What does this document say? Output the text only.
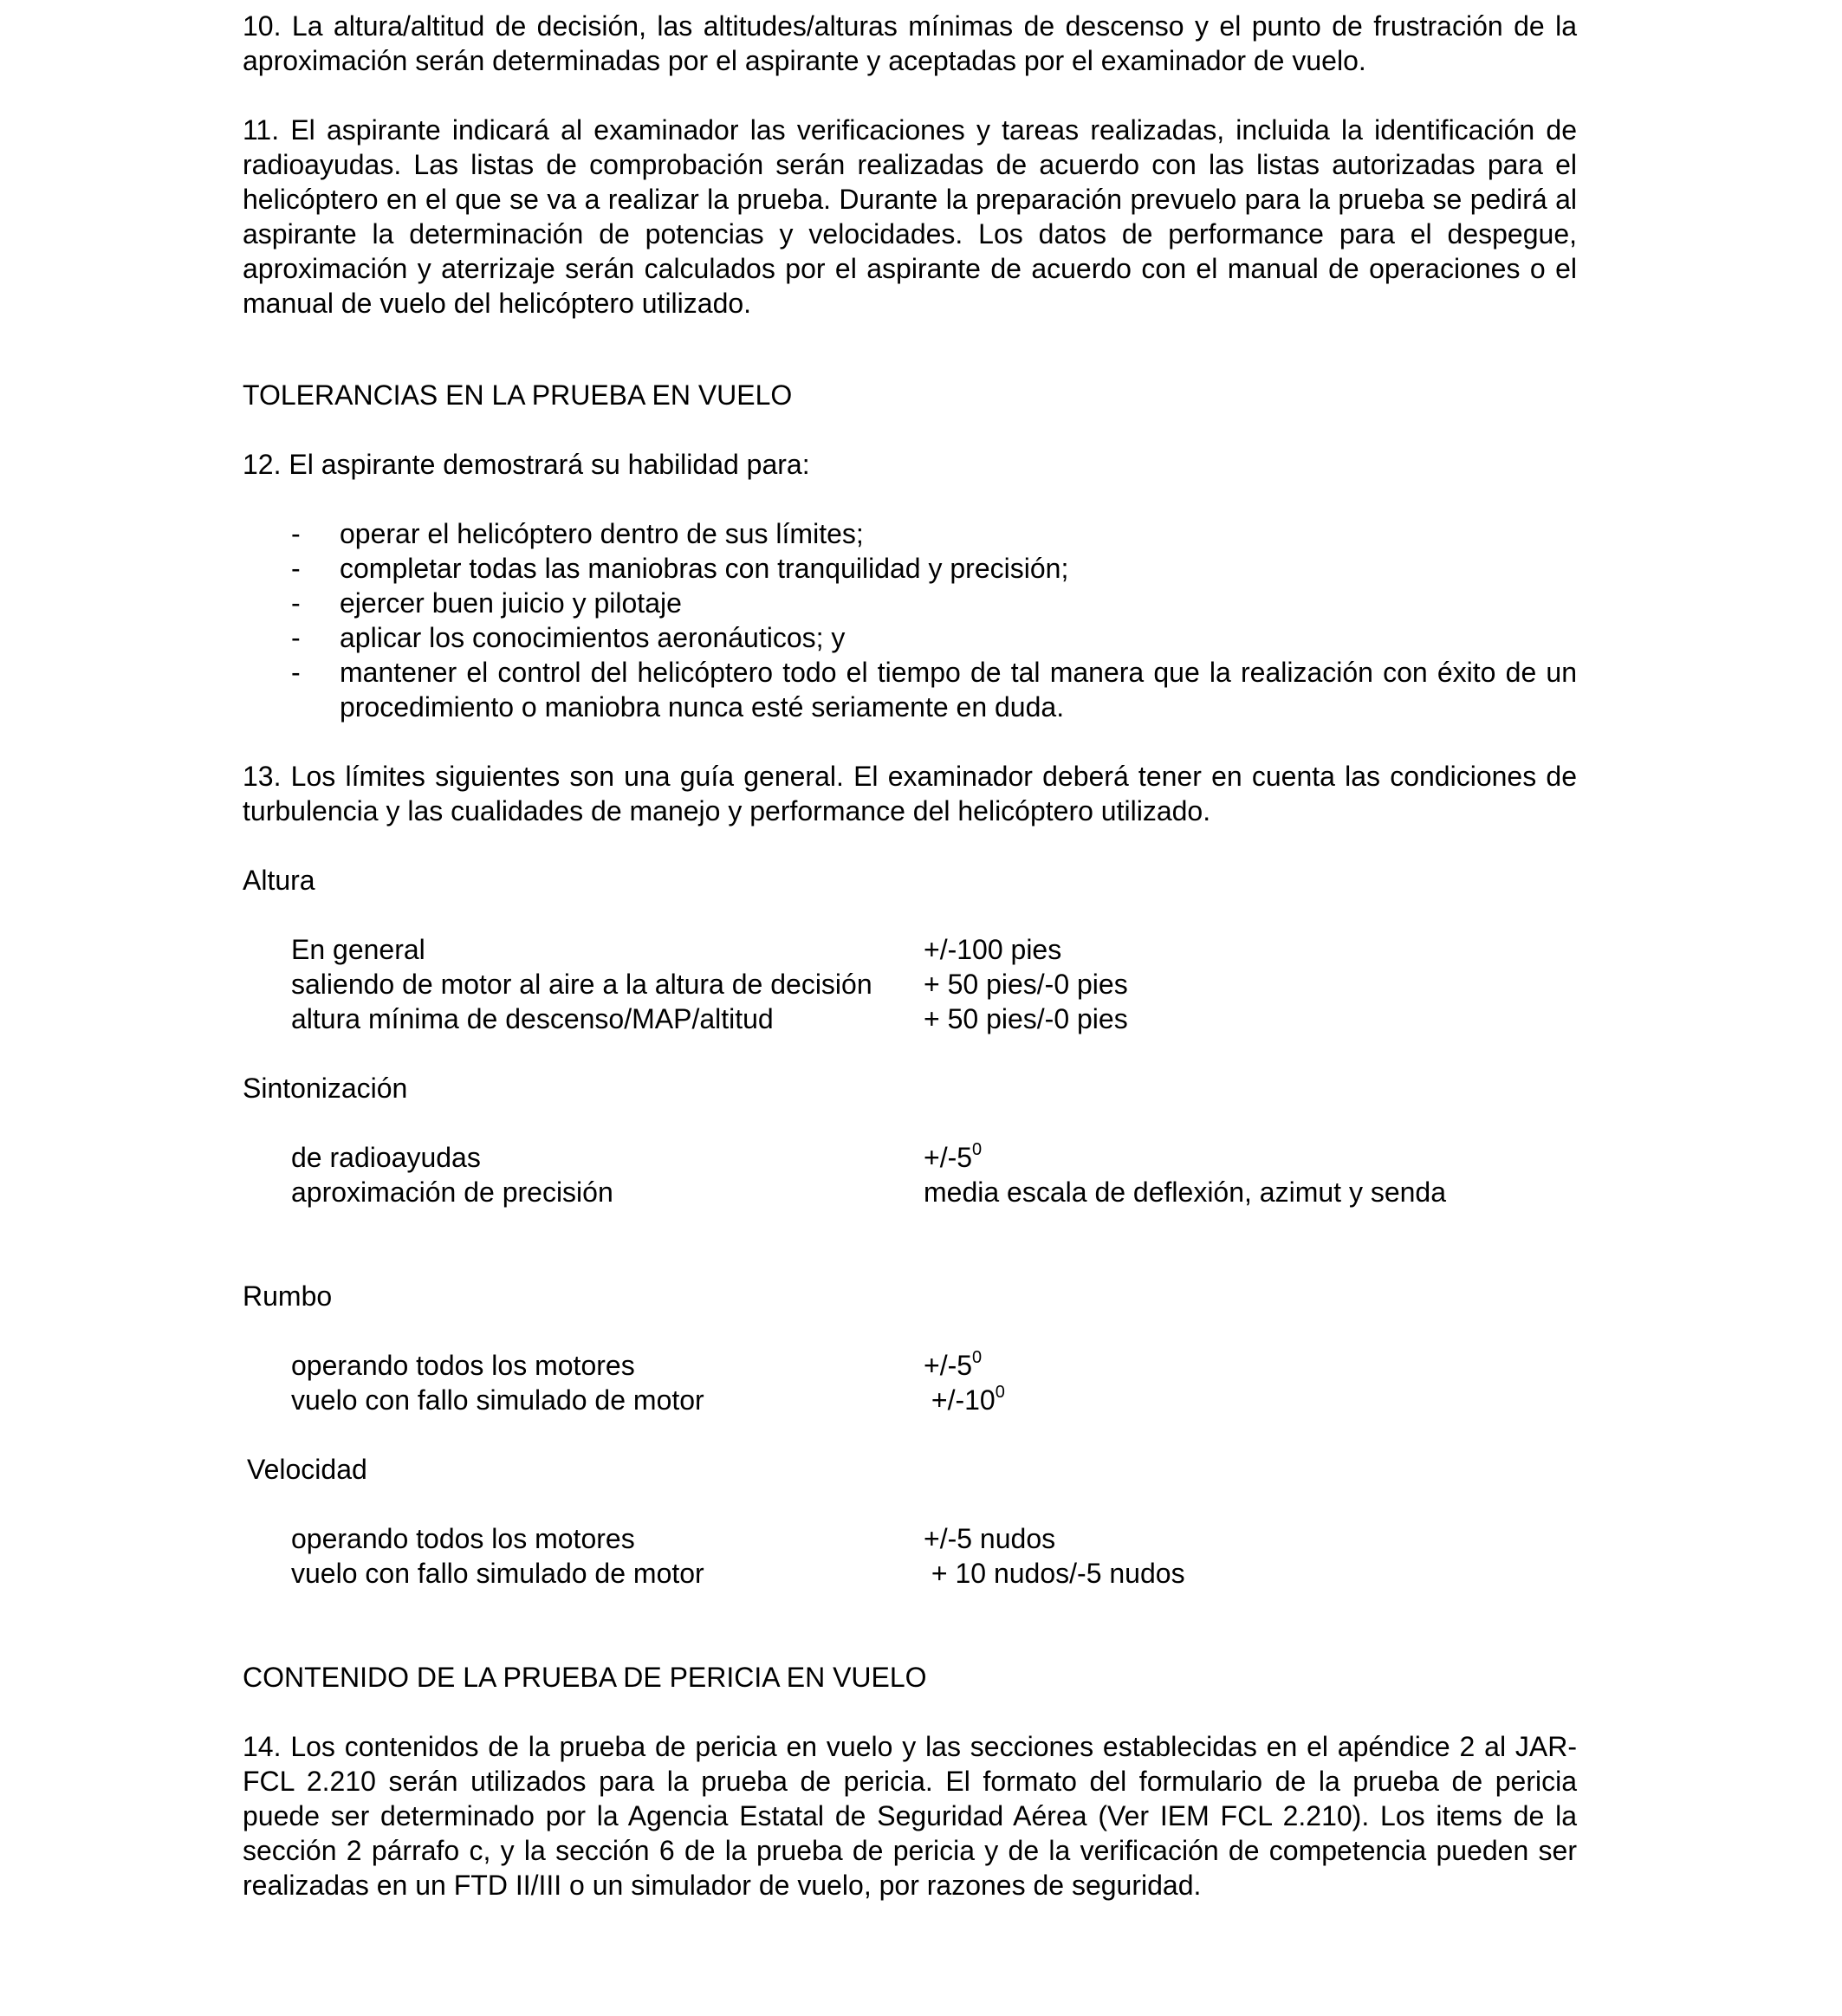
10. La altura/altitud de decisión, las altitudes/alturas mínimas de descenso y el punto de frustración de la aproximación serán determinadas por el aspirante y aceptadas por el examinador de vuelo.

11. El aspirante indicará al examinador las verificaciones y tareas realizadas, incluida la identificación de radioayudas. Las listas de comprobación serán realizadas de acuerdo con las listas autorizadas para el helicóptero en el que se va a realizar la prueba. Durante la preparación prevuelo para la prueba se pedirá al aspirante la determinación de potencias y velocidades. Los datos de performance para el despegue, aproximación y aterrizaje serán calculados por el aspirante de acuerdo con el manual de operaciones o el manual de vuelo del helicóptero utilizado.

TOLERANCIAS EN LA PRUEBA EN VUELO

12. El aspirante demostrará su habilidad para:

- operar el helicóptero dentro de sus límites;
- completar todas las maniobras con tranquilidad y precisión;
- ejercer buen juicio y pilotaje
- aplicar los conocimientos aeronáuticos; y
- mantener el control del helicóptero todo el tiempo de tal manera que la realización con éxito de un procedimiento o maniobra nunca esté seriamente en duda.

13. Los límites siguientes son una guía general. El examinador deberá tener en cuenta las condiciones de

turbulencia y las cualidades de manejo y performance del helicóptero utilizado.

Altura

En general	+/-100 pies
saliendo de motor al aire a la altura de decisión	+ 50 pies/-0 pies
altura mínima de descenso/MAP/altitud	+ 50 pies/-0 pies

Sintonización

de radioayudas	$+/-5^0$
aproximación de precisión	media escala de deflexión, azimut y senda

Rumbo

operando todos los motores	$+/-5^0$
vuelo con fallo simulado de motor	$+/-10^0$

Velocidad

operando todos los motores	+/-5 nudos
vuelo con fallo simulado de motor	+ 10 nudos/-5 nudos

CONTENIDO DE LA PRUEBA DE PERICIA EN VUELO

14. Los contenidos de la prueba de pericia en vuelo y las secciones establecidas en el apéndice 2 al JAR-FCL 2.210 serán utilizados para la prueba de pericia. El formato del formulario de la prueba de pericia puede ser determinado por la Agencia Estatal de Seguridad Aérea (Ver IEM FCL 2.210). Los items de la sección 2 párrafo c, y la sección 6 de la prueba de pericia y de la verificación de competencia pueden ser realizadas en un FTD II/III o un simulador de vuelo, por razones de seguridad.
